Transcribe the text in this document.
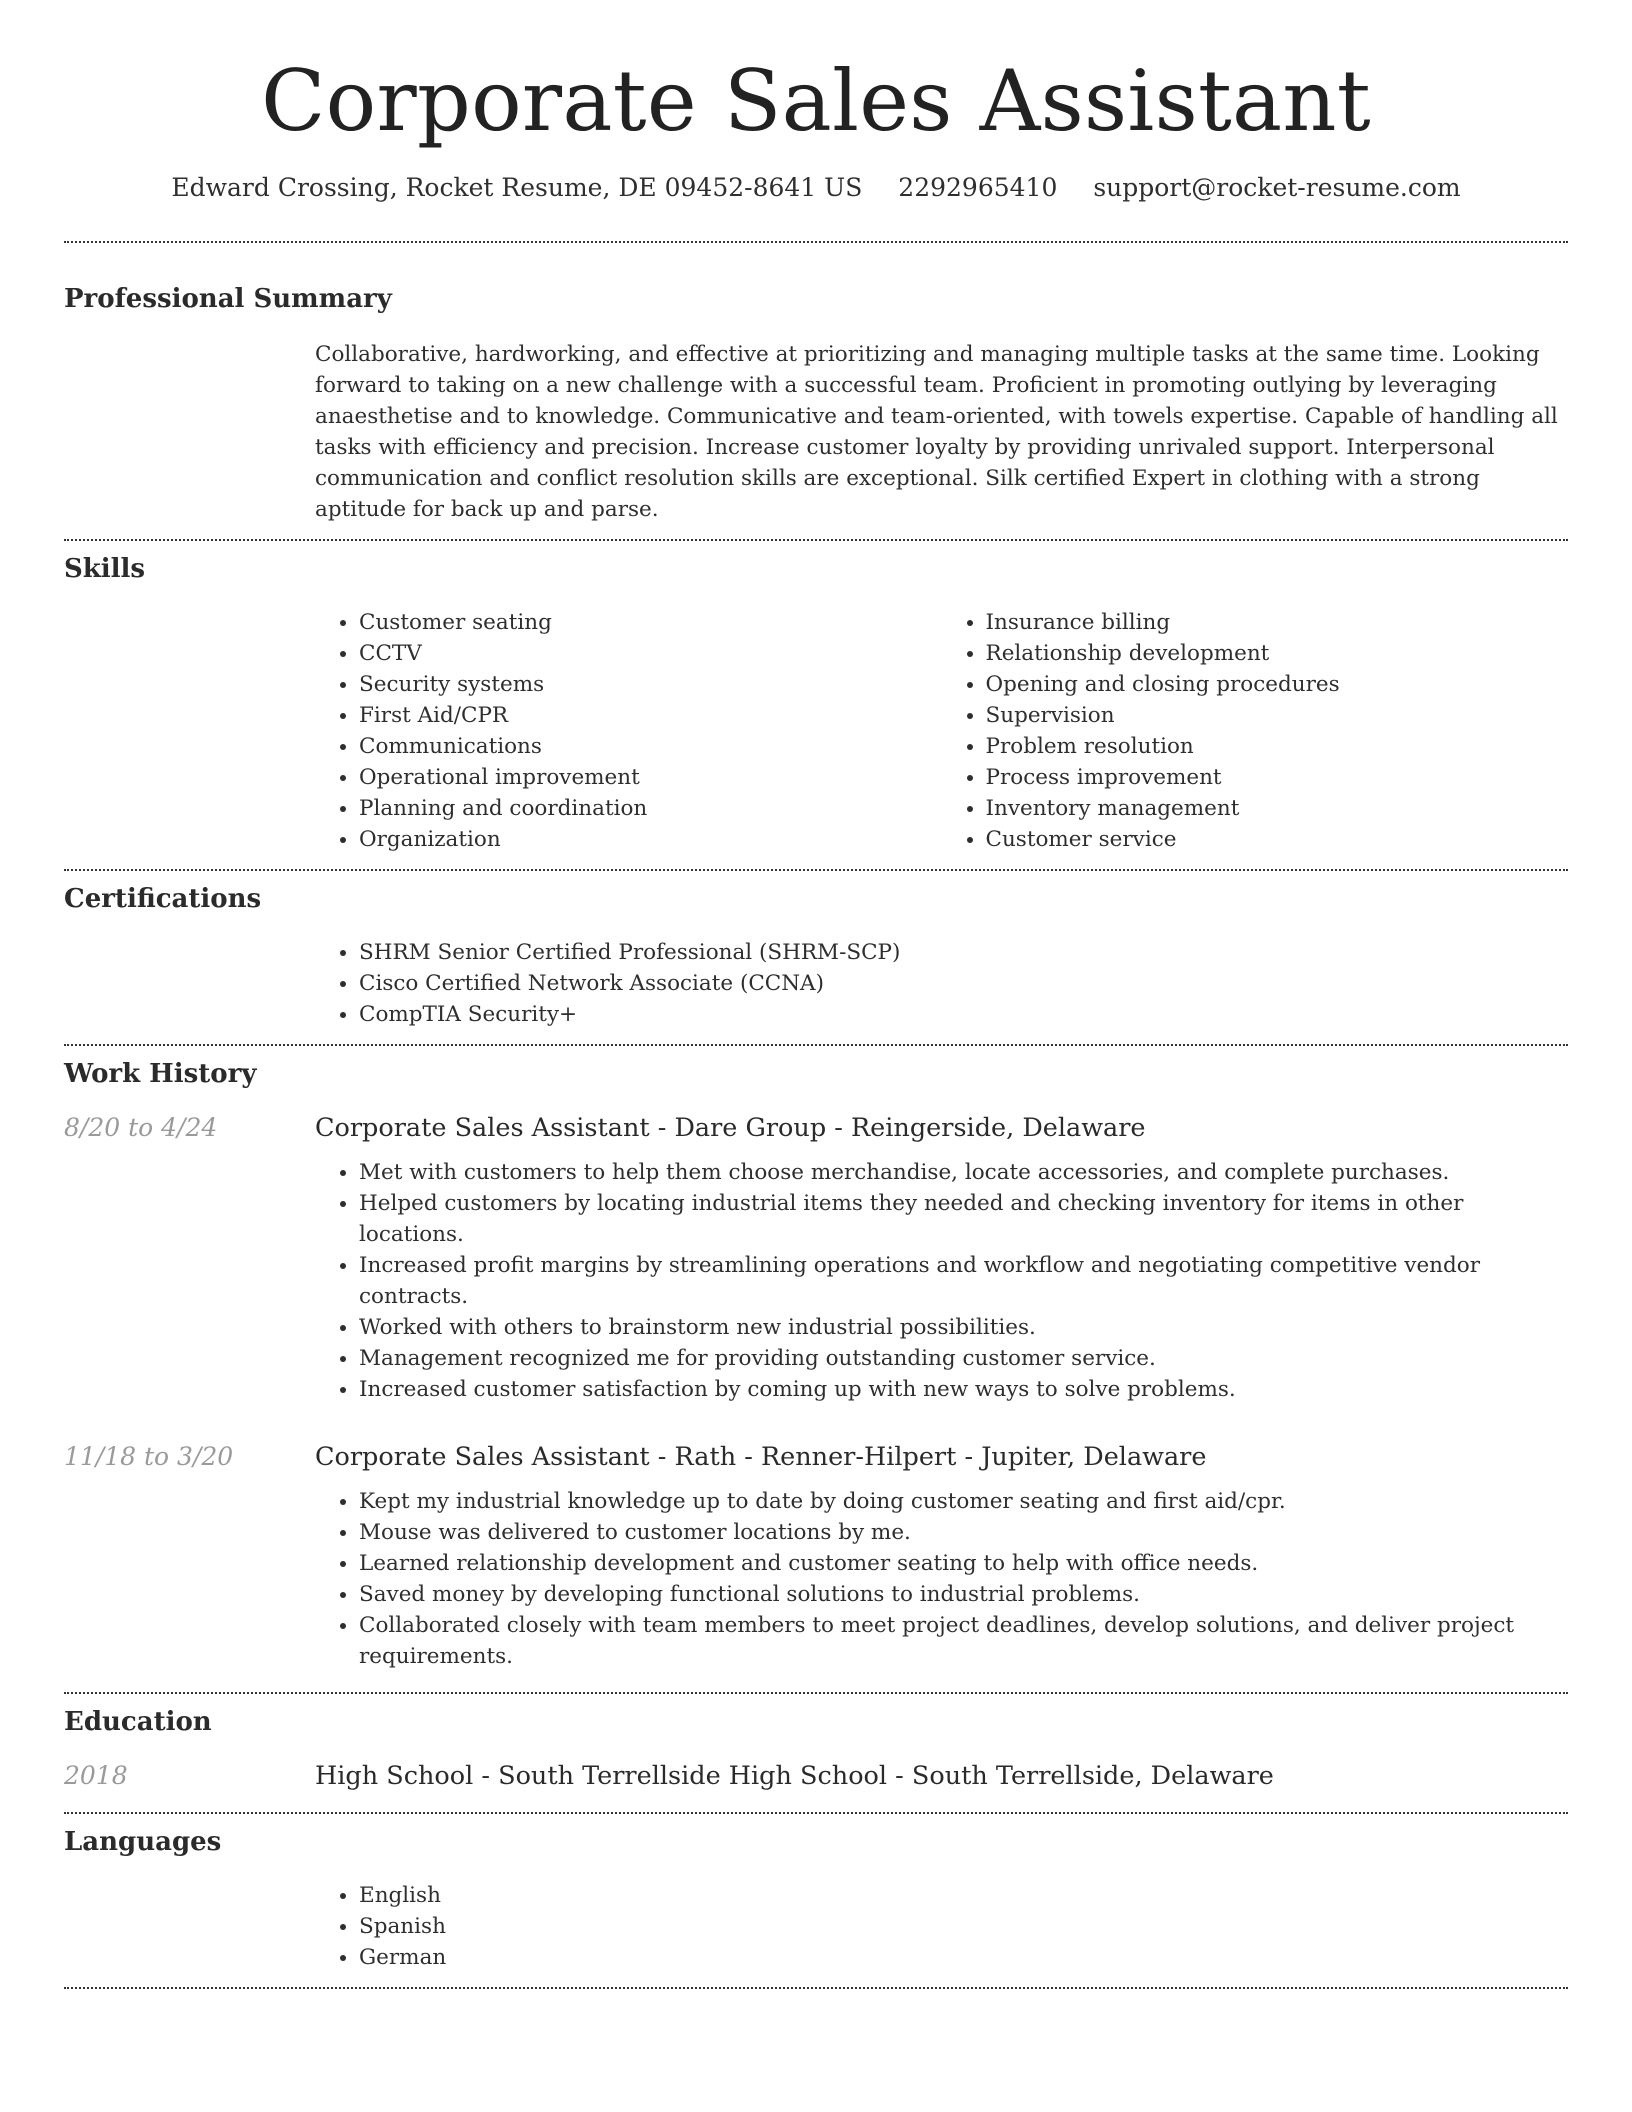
Corporate Sales Assistant
Edward Crossing, Rocket Resume, DE 09452-8641 US 2292965410 support@rocket-resume.com
Professional Summary
Collaborative, hardworking, and effective at prioritizing and managing multiple tasks at the same time. Looking forward to taking on a new challenge with a successful team. Proficient in promoting outlying by leveraging anaesthetise and to knowledge. Communicative and team-oriented, with towels expertise. Capable of handling all tasks with efficiency and precision. Increase customer loyalty by providing unrivaled support. Interpersonal communication and conflict resolution skills are exceptional. Silk certified Expert in clothing with a strong aptitude for back up and parse.
Skills
• Customer seating
• CCTV
• Security systems
• First Aid/CPR
• Communications
• Operational improvement
• Planning and coordination
• Organization
• Insurance billing
• Relationship development
• Opening and closing procedures
• Supervision
• Problem resolution
• Process improvement
• Inventory management
• Customer service
Certifications
• SHRM Senior Certified Professional (SHRM-SCP)
• Cisco Certified Network Associate (CCNA)
• CompTIA Security+
Work History
8/20 to 4/24	Corporate Sales Assistant - Dare Group - Reingerside, Delaware
• Met with customers to help them choose merchandise, locate accessories, and complete purchases.
• Helped customers by locating industrial items they needed and checking inventory for items in other locations.
• Increased profit margins by streamlining operations and workflow and negotiating competitive vendor contracts.
• Worked with others to brainstorm new industrial possibilities.
• Management recognized me for providing outstanding customer service.
• Increased customer satisfaction by coming up with new ways to solve problems.
11/18 to 3/20	Corporate Sales Assistant - Rath - Renner-Hilpert - Jupiter, Delaware
• Kept my industrial knowledge up to date by doing customer seating and first aid/cpr.
• Mouse was delivered to customer locations by me.
• Learned relationship development and customer seating to help with office needs.
• Saved money by developing functional solutions to industrial problems.
• Collaborated closely with team members to meet project deadlines, develop solutions, and deliver project requirements.
Education
2018	High School - South Terrellside High School - South Terrellside, Delaware
Languages
• English
• Spanish
• German
